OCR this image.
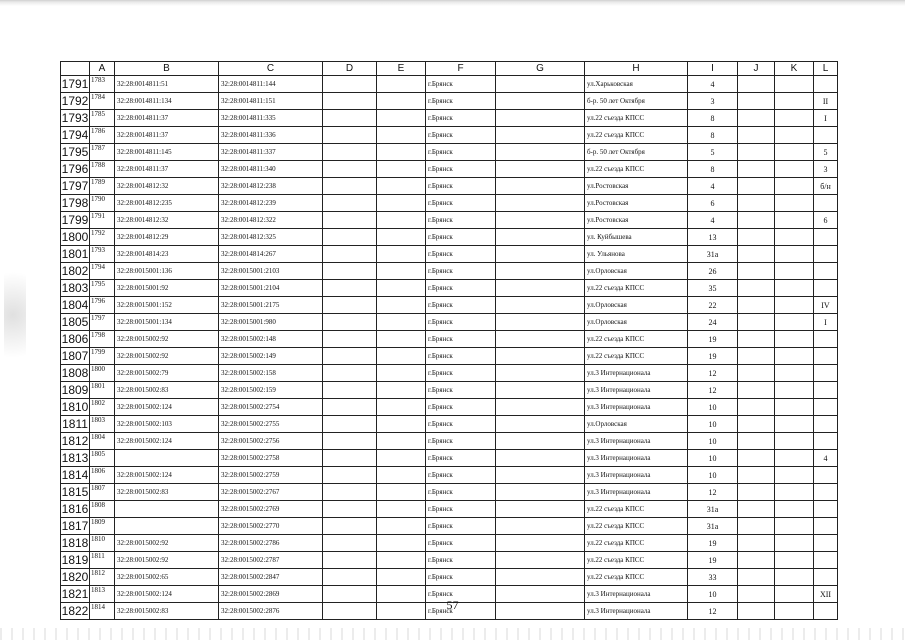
	A	B	C	D	E	F	G	H	I	J	K	L
1791	1783	32:28:0014811:51	32:28:0014811:144			г.Брянск		ул.Харьковская	4			
1792	1784	32:28:0014811:134	32:28:0014811:151			г.Брянск		б-р. 50 лет Октября	3			II
1793	1785	32:28:0014811:37	32:28:0014811:335			г.Брянск		ул.22 съезда КПСС	8			I
1794	1786	32:28:0014811:37	32:28:0014811:336			г.Брянск		ул.22 съезда КПСС	8			
1795	1787	32:28:0014811:145	32:28:0014811:337			г.Брянск		б-р. 50 лет Октября	5			5
1796	1788	32:28:0014811:37	32:28:0014811:340			г.Брянск		ул.22 съезда КПСС	8			3
1797	1789	32:28:0014812:32	32:28:0014812:238			г.Брянск		ул.Ростовская	4			б/н
1798	1790	32:28:0014812:235	32:28:0014812:239			г.Брянск		ул.Ростовская	6			
1799	1791	32:28:0014812:32	32:28:0014812:322			г.Брянск		ул.Ростовская	4			6
1800	1792	32:28:0014812:29	32:28:0014812:325			г.Брянск		ул. Куйбышева	13			
1801	1793	32:28:0014814:23	32:28:0014814:267			г.Брянск		ул. Ульянова	31а			
1802	1794	32:28:0015001:136	32:28:0015001:2103			г.Брянск		ул.Орловская	26			
1803	1795	32:28:0015001:92	32:28:0015001:2104			г.Брянск		ул.22 съезда КПСС	35			
1804	1796	32:28:0015001:152	32:28:0015001:2175			г.Брянск		ул.Орловская	22			IV
1805	1797	32:28:0015001:134	32:28:0015001:980			г.Брянск		ул.Орловская	24			I
1806	1798	32:28:0015002:92	32:28:0015002:148			г.Брянск		ул.22 съезда КПСС	19			
1807	1799	32:28:0015002:92	32:28:0015002:149			г.Брянск		ул.22 съезда КПСС	19			
1808	1800	32:28:0015002:79	32:28:0015002:158			г.Брянск		ул.3 Интернационала	12			
1809	1801	32:28:0015002:83	32:28:0015002:159			г.Брянск		ул.3 Интернационала	12			
1810	1802	32:28:0015002:124	32:28:0015002:2754			г.Брянск		ул.3 Интернационала	10			
1811	1803	32:28:0015002:103	32:28:0015002:2755			г.Брянск		ул.Орловская	10			
1812	1804	32:28:0015002:124	32:28:0015002:2756			г.Брянск		ул.3 Интернационала	10			
1813	1805		32:28:0015002:2758			г.Брянск		ул.3 Интернационала	10			4
1814	1806	32:28:0015002:124	32:28:0015002:2759			г.Брянск		ул.3 Интернационала	10			
1815	1807	32:28:0015002:83	32:28:0015002:2767			г.Брянск		ул.3 Интернационала	12			
1816	1808		32:28:0015002:2769			г.Брянск		ул.22 съезда КПСС	31а			
1817	1809		32:28:0015002:2770			г.Брянск		ул.22 съезда КПСС	31а			
1818	1810	32:28:0015002:92	32:28:0015002:2786			г.Брянск		ул.22 съезда КПСС	19			
1819	1811	32:28:0015002:92	32:28:0015002:2787			г.Брянск		ул.22 съезда КПСС	19			
1820	1812	32:28:0015002:65	32:28:0015002:2847			г.Брянск		ул.22 съезда КПСС	33			
1821	1813	32:28:0015002:124	32:28:0015002:2869			г.Брянск		ул.3 Интернационала	10			XII
1822	1814	32:28:0015002:83	32:28:0015002:2876			г.Брянск		ул.3 Интернационала	12			
57
